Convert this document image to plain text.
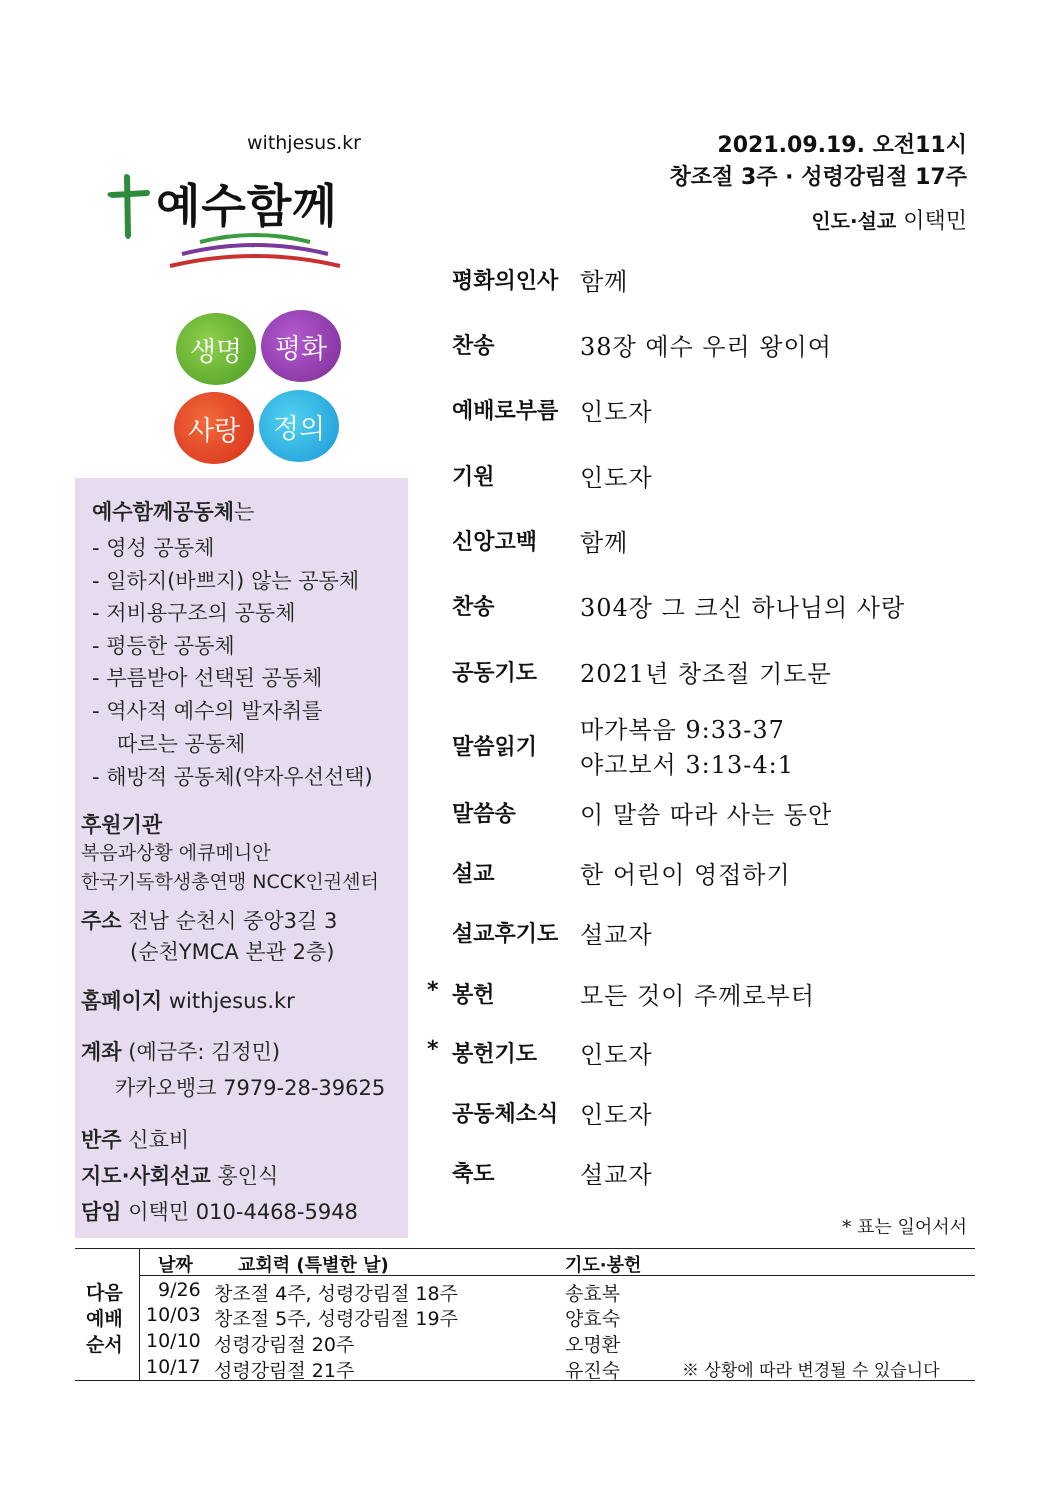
withjesus.kr
예수함께
생명	평화
사랑	정의
2021.09.19. 오전11시
창조절 3주 · 성령강림절 17주
인도·설교 이택민
예수함께공동체는
- 영성 공동체
- 일하지(바쁘지) 않는 공동체
- 저비용구조의 공동체
- 평등한 공동체
- 부름받아 선택된 공동체
- 역사적 예수의 발자취를
따르는 공동체
- 해방적 공동체(약자우선선택)
후원기관
복음과상황 에큐메니안
한국기독학생총연맹 NCCK인권센터
주소 전남 순천시 중앙3길 3
(순천YMCA 본관 2층)
홈페이지 withjesus.kr
계좌 (예금주: 김정민)
카카오뱅크 7979-28-39625
반주 신효비
지도·사회선교 홍인식
담임 이택민 010-4468-5948
평화의인사 함께
찬송	38장 예수 우리 왕이여
예배로부름 인도자
기원	인도자
신앙고백	함께
찬송	304장 그 크신 하나님의 사랑
공동기도	2021년 창조절 기도문
말씀읽기
마가복음 9:33-37
야고보서 3:13-4:1
말씀송	이 말씀 따라 사는 동안
설교	한 어린이 영접하기
설교후기도 설교자
* 봉헌	모든 것이 주께로부터
* 봉헌기도	인도자
공동체소식 인도자
축도	설교자
* 표는 일어서서
날짜	교회력 (특별한 날)	기도·봉헌
다음
예배
순서
9/26 창조절 4주, 성령강림절 18주	송효복
10/03 창조절 5주, 성령강림절 19주	양효숙
10/10 성령강림절 20주	오명환
10/17 성령강림절 21주	유진숙	※ 상황에 따라 변경될 수 있습니다
